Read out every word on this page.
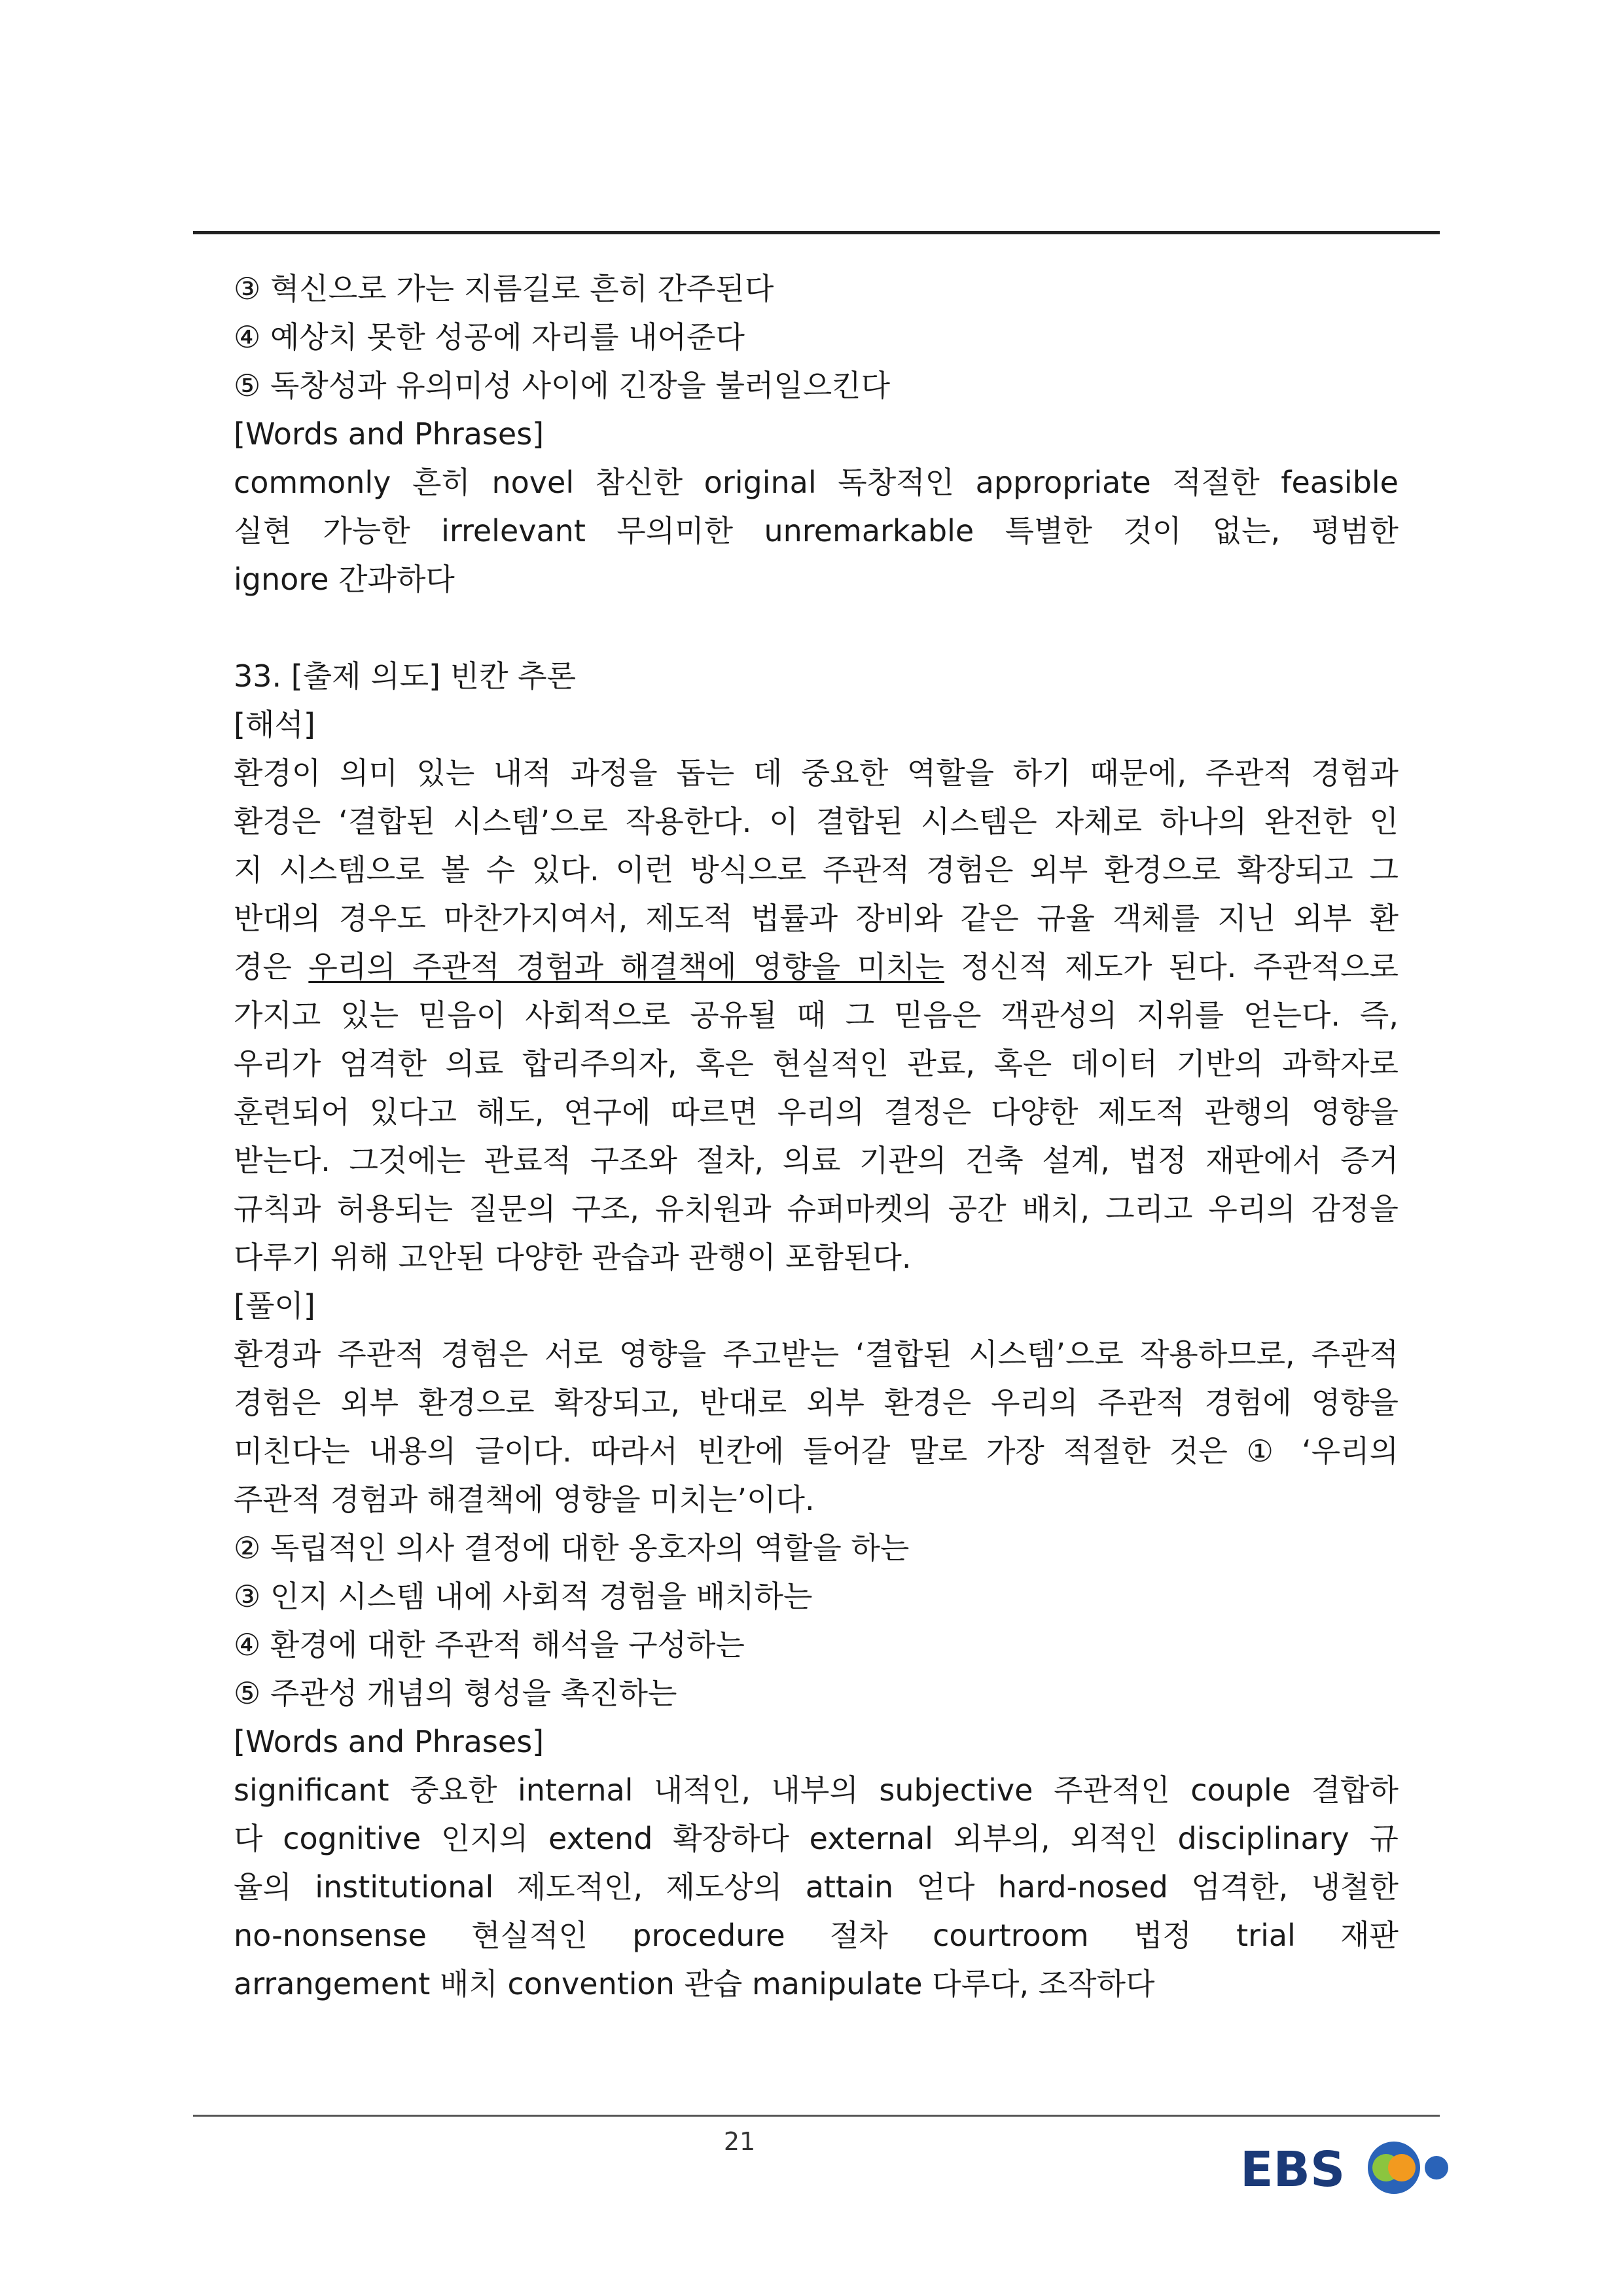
③ 혁신으로 가는 지름길로 흔히 간주된다
④ 예상치 못한 성공에 자리를 내어준다
⑤ 독창성과 유의미성 사이에 긴장을 불러일으킨다
[Words and Phrases]
commonly 흔히 novel 참신한 original 독창적인 appropriate 적절한 feasible
실현 가능한 irrelevant 무의미한 unremarkable 특별한 것이 없는, 평범한
ignore 간과하다
33. [출제 의도] 빈칸 추론
[해석]
환경이 의미 있는 내적 과정을 돕는 데 중요한 역할을 하기 때문에, 주관적 경험과
환경은 ‘결합된 시스템’으로 작용한다. 이 결합된 시스템은 자체로 하나의 완전한 인
지 시스템으로 볼 수 있다. 이런 방식으로 주관적 경험은 외부 환경으로 확장되고 그
반대의 경우도 마찬가지여서, 제도적 법률과 장비와 같은 규율 객체를 지닌 외부 환
경은 우리의 주관적 경험과 해결책에 영향을 미치는 정신적 제도가 된다. 주관적으로
가지고 있는 믿음이 사회적으로 공유될 때 그 믿음은 객관성의 지위를 얻는다. 즉,
우리가 엄격한 의료 합리주의자, 혹은 현실적인 관료, 혹은 데이터 기반의 과학자로
훈련되어 있다고 해도, 연구에 따르면 우리의 결정은 다양한 제도적 관행의 영향을
받는다. 그것에는 관료적 구조와 절차, 의료 기관의 건축 설계, 법정 재판에서 증거
규칙과 허용되는 질문의 구조, 유치원과 슈퍼마켓의 공간 배치, 그리고 우리의 감정을
다루기 위해 고안된 다양한 관습과 관행이 포함된다.
[풀이]
환경과 주관적 경험은 서로 영향을 주고받는 ‘결합된 시스템’으로 작용하므로, 주관적
경험은 외부 환경으로 확장되고, 반대로 외부 환경은 우리의 주관적 경험에 영향을
미친다는 내용의 글이다. 따라서 빈칸에 들어갈 말로 가장 적절한 것은 ① ‘우리의
주관적 경험과 해결책에 영향을 미치는’이다.
② 독립적인 의사 결정에 대한 옹호자의 역할을 하는
③ 인지 시스템 내에 사회적 경험을 배치하는
④ 환경에 대한 주관적 해석을 구성하는
⑤ 주관성 개념의 형성을 촉진하는
[Words and Phrases]
significant 중요한 internal 내적인, 내부의 subjective 주관적인 couple 결합하
다 cognitive 인지의 extend 확장하다 external 외부의, 외적인 disciplinary 규
율의 institutional 제도적인, 제도상의 attain 얻다 hard-nosed 엄격한, 냉철한
no-nonsense 현실적인 procedure 절차 courtroom 법정 trial 재판
arrangement 배치 convention 관습 manipulate 다루다, 조작하다
21	EBS
